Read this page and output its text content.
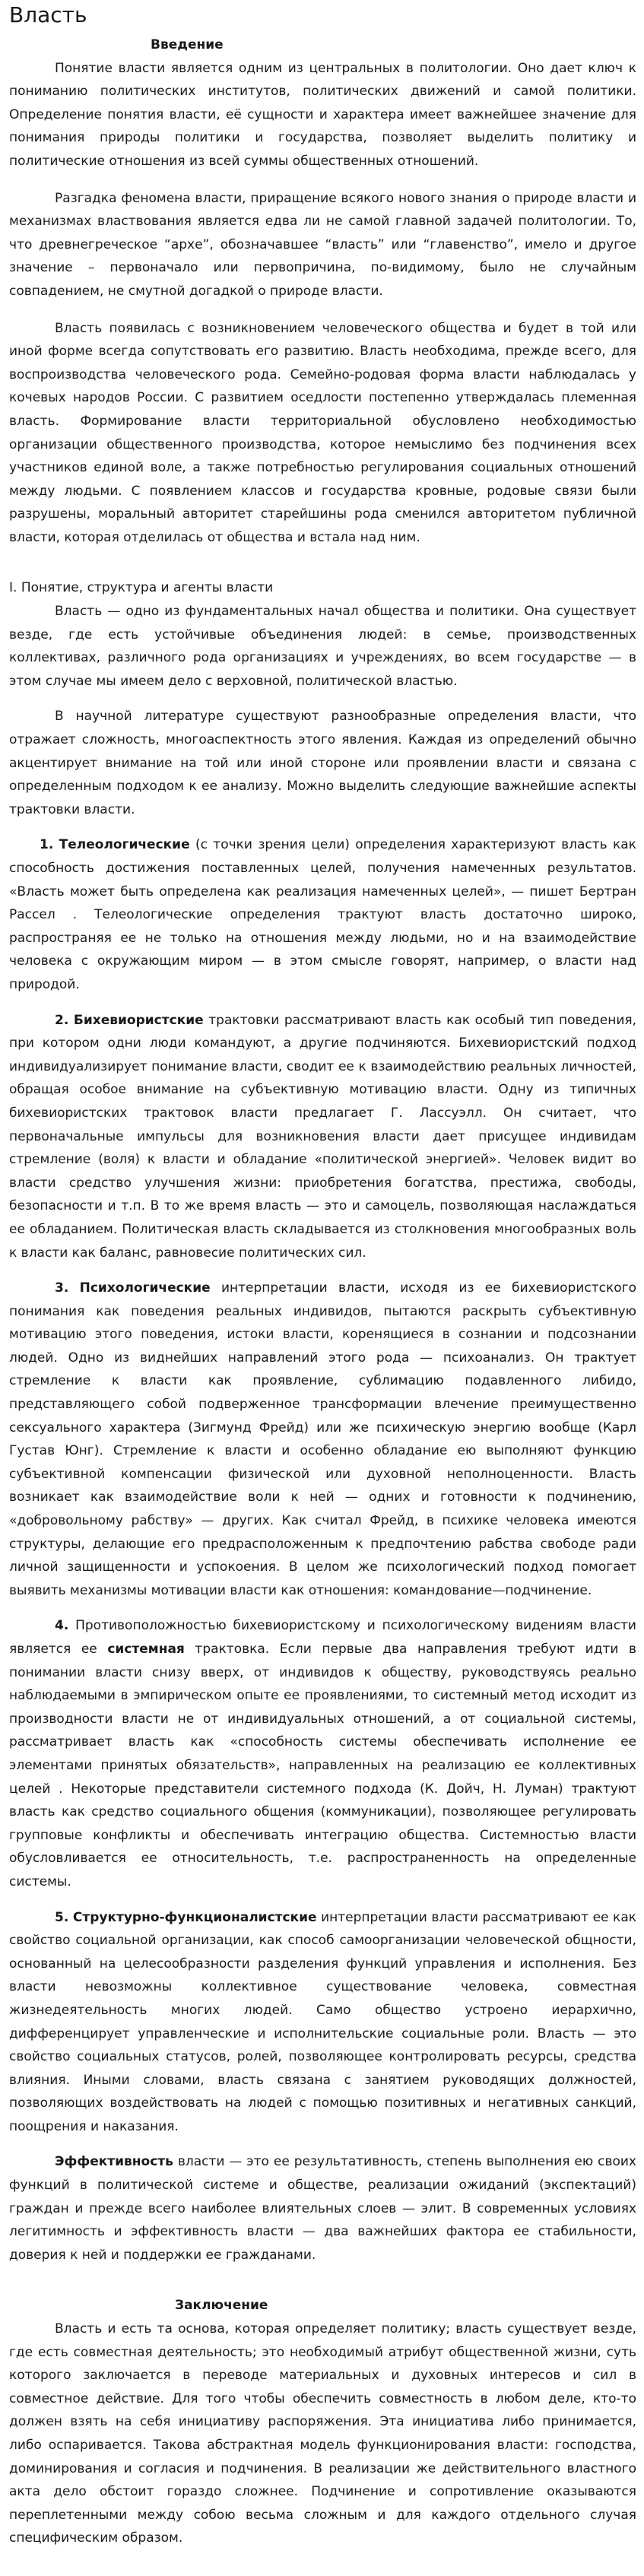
Власть
Введение

Понятие власти является одним из центральных в политологии. Оно дает ключ к пониманию политических институтов, политических движений и самой политики. Определение понятия власти, её сущности и характера имеет важнейшее значение для понимания природы политики и государства, позволяет выделить политику и политические отношения из всей суммы общественных отношений.

Разгадка феномена власти, приращение всякого нового знания о природе власти и механизмах властвования является едва ли не самой главной задачей политологии. То, что древнегреческое “архе”, обозначавшее “власть” или “главенство”, имело и другое значение – первоначало или первопричина, по-видимому, было не случайным совпадением, не смутной догадкой о природе власти.

Власть появилась с возникновением человеческого общества и будет в той или иной форме всегда сопутствовать его развитию. Власть необходима, прежде всего, для воспроизводства человеческого рода. Семейно-родовая форма власти наблюдалась у кочевых народов России. С развитием оседлости постепенно утверждалась племенная власть. Формирование власти территориальной обусловлено необходимостью организации общественного производства, которое немыслимо без подчинения всех участников единой воле, а также потребностью регулирования социальных отношений между людьми. С появлением классов и государства кровные, родовые связи были разрушены, моральный авторитет старейшины рода сменился авторитетом публичной власти, которая отделилась от общества и встала над ним.

I. Понятие, структура и агенты власти

Власть — одно из фундаментальных начал общества и политики. Она существует везде, где есть устойчивые объединения людей: в семье, производственных коллективах, различного рода организациях и учреждениях, во всем государстве — в этом случае мы имеем дело с верховной, политической властью.

В научной литературе существуют разнообразные определения власти, что отражает сложность, многоаспектность этого явления. Каждая из определений обычно акцентирует внимание на той или иной стороне или проявлении власти и связана с определенным подходом к ее анализу. Можно выделить следующие важнейшие аспекты трактовки власти.

1. Телеологические (с точки зрения цели) определения характеризуют власть как способность достижения поставленных целей, получения намеченных результатов. «Власть может быть определена как реализация намеченных целей», — пишет Бертран Рассел . Телеологические определения трактуют власть достаточно широко, распространяя ее не только на отношения между людьми, но и на взаимодействие человека с окружающим миром — в этом смысле говорят, например, о власти над природой.

2. Бихевиористские трактовки рассматривают власть как особый тип поведения, при котором одни люди командуют, а другие подчиняются. Бихевиористский подход индивидуализирует понимание власти, сводит ее к взаимодействию реальных личностей, обращая особое внимание на субъективную мотивацию власти. Одну из типичных бихевиористских трактовок власти предлагает Г. Лассуэлл. Он считает, что первоначальные импульсы для возникновения власти дает присущее индивидам стремление (воля) к власти и обладание «политической энергией». Человек видит во власти средство улучшения жизни: приобретения богатства, престижа, свободы, безопасности и т.п. В то же время власть — это и самоцель, позволяющая наслаждаться ее обладанием. Политическая власть складывается из столкновения многообразных воль к власти как баланс, равновесие политических сил.

3. Психологические интерпретации власти, исходя из ее бихевиористского понимания как поведения реальных индивидов, пытаются раскрыть субъективную мотивацию этого поведения, истоки власти, коренящиеся в сознании и подсознании людей. Одно из виднейших направлений этого рода — психоанализ. Он трактует стремление к власти как проявление, сублимацию подавленного либидо, представляющего собой подверженное трансформации влечение преимущественно сексуального характера (Зигмунд Фрейд) или же психическую энергию вообще (Карл Густав Юнг). Стремление к власти и особенно обладание ею выполняют функцию субъективной компенсации физической или духовной неполноценности. Власть возникает как взаимодействие воли к ней — одних и готовности к подчинению, «добровольному рабству» — других. Как считал Фрейд, в психике человека имеются структуры, делающие его предрасположенным к предпочтению рабства свободе ради личной защищенности и успокоения. В целом же психологический подход помогает выявить механизмы мотивации власти как отношения: командование—подчинение.

4. Противоположностью бихевиористскому и психологическому видениям власти является ее системная трактовка. Если первые два направления требуют идти в понимании власти снизу вверх, от индивидов к обществу, руководствуясь реально наблюдаемыми в эмпирическом опыте ее проявлениями, то системный метод исходит из производности власти не от индивидуальных отношений, а от социальной системы, рассматривает власть как «способность системы обеспечивать исполнение ее элементами принятых обязательств», направленных на реализацию ее коллективных целей . Некоторые представители системного подхода (К. Дойч, Н. Луман) трактуют власть как средство социального общения (коммуникации), позволяющее регулировать групповые конфликты и обеспечивать интеграцию общества. Системностью власти обусловливается ее относительность, т.е. распространенность на определенные системы.

5. Структурно-функционалистские интерпретации власти рассматривают ее как свойство социальной организации, как способ самоорганизации человеческой общности, основанный на целесообразности разделения функций управления и исполнения. Без власти невозможны коллективное существование человека, совместная жизнедеятельность многих людей. Само общество устроено иерархично, дифференцирует управленческие и исполнительские социальные роли. Власть — это свойство социальных статусов, ролей, позволяющее контролировать ресурсы, средства влияния. Иными словами, власть связана с занятием руководящих должностей, позволяющих воздействовать на людей с помощью позитивных и негативных санкций, поощрения и наказания.

Эффективность власти — это ее результативность, степень выполнения ею своих функций в политической системе и обществе, реализации ожиданий (экспектаций) граждан и прежде всего наиболее влиятельных слоев — элит. В современных условиях легитимность и эффективность власти — два важнейших фактора ее стабильности, доверия к ней и поддержки ее гражданами.

Заключение

Власть и есть та основа, которая определяет политику; власть существует везде, где есть совместная деятельность; это необходимый атрибут общественной жизни, суть которого заключается в переводе материальных и духовных интересов и сил в совместное действие. Для того чтобы обеспечить совместность в любом деле, кто-то должен взять на себя инициативу распоряжения. Эта инициатива либо принимается, либо оспаривается. Такова абстрактная модель функционирования власти: господства, доминирования и согласия и подчинения. В реализации же действительного властного акта дело обстоит гораздо сложнее. Подчинение и сопротивление оказываются переплетенными между собою весьма сложным и для каждого отдельного случая специфическим образом.
